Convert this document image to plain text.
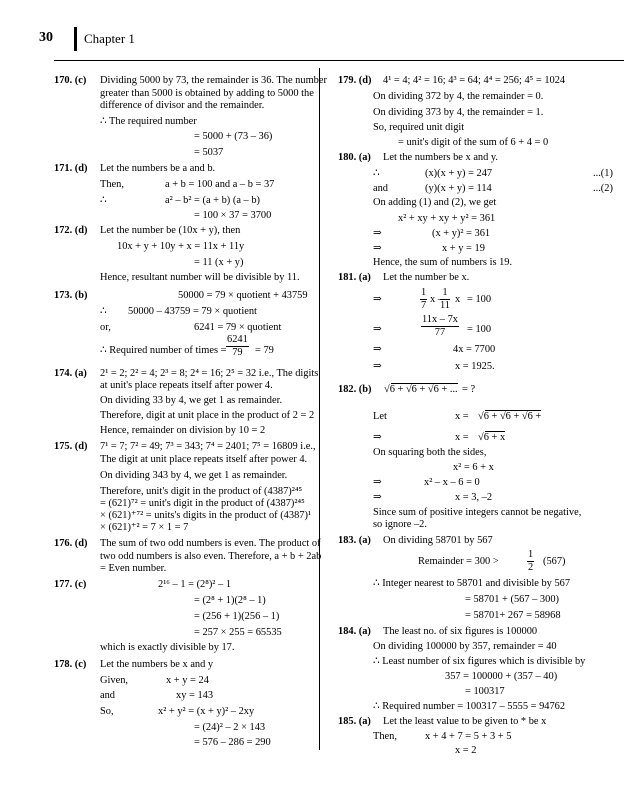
30 Chapter 1
170. (c) Dividing 5000 by 73, the remainder is 36. The number
greater than 5000 is obtained by adding to 5000 the
difference of divisor and the remainder.
∴ The required number
= 5000 + (73 – 36)
= 5037
171. (d) Let the numbers be a and b.
Then,	a + b = 100 and a – b = 37
∴	a² – b² = (a + b) (a – b)
= 100 × 37 = 3700
172. (d) Let the number be (10x + y), then
10x + y + 10y + x = 11x + 11y
= 11 (x + y)
Hence, resultant number will be divisible by 11.
173. (b)	50000 = 79 × quotient + 43759
∴ 50000 – 43759 = 79 × quotient
or,	6241 = 79 × quotient
∴ Required number of times =	= 79
174. (a) 2¹ = 2; 2² = 4; 2³ = 8; 2⁴ = 16; 2⁵ = 32 i.e., The digits
at unit's place repeats itself after power 4.
On dividing 33 by 4, we get 1 as remainder.
Therefore, digit at unit place in the product of 2 = 2
Hence, remainder on division by 10 = 2
175. (d) 7¹ = 7; 7² = 49; 7³ = 343; 7⁴ = 2401; 7⁵ = 16809 i.e.,
The digit at unit place repeats itself after power 4.
On dividing 343 by 4, we get 1 as remainder.
Therefore, unit's digit in the product of (4387)²⁴⁵
= (621)⁷² = unit's digit in the product of (4387)²⁴⁵
× (621)⁺⁷² = units's digits in the product of (4387)¹
× (621)⁺² = 7 × 1 = 7
176. (d) The sum of two odd numbers is even. The product of
two odd numbers is also even. Therefore, a + b + 2ab
= Even number.
177. (c)	2¹⁶ – 1 = (2⁸)² – 1
= (2⁸ + 1)(2⁸ – 1)
= (256 + 1)(256 – 1)
= 257 × 255 = 65535
which is exactly divisible by 17.
178. (c) Let the numbers be x and y
Given,	x + y = 24
and	xy = 143
So,	x² + y² = (x + y)² – 2xy
= (24)² – 2 × 143
= 576 – 286 = 290
179. (d) 4¹ = 4; 4² = 16; 4³ = 64; 4⁴ = 256; 4⁵ = 1024
On dividing 372 by 4, the remainder = 0.
On dividing 373 by 4, the remainder = 1.
So, required unit digit
= unit's digit of the sum of 6 + 4 = 0
180. (a) Let the numbers be x and y.
∴	(x)(x + y) = 247	...(1)
and	(y)(x + y) = 114	...(2)
On adding (1) and (2), we get
x² + xy + xy + y² = 361
⇒	(x + y)² = 361
⇒	x + y = 19
Hence, the sum of numbers is 19.
181. (a) Let the number be x.
⇒	= 100
⇒	= 100
⇒	4x = 7700
⇒	x = 1925.
182. (b)	= ?
Let	x =
⇒	x =
On squaring both the sides,
x² = 6 + x
⇒	x² – x – 6 = 0
⇒	x = 3, –2
Since sum of positive integers cannot be negative,
so ignore –2.
183. (a) On dividing 58701 by 567
Remainder = 300 >	(567)
∴ Integer nearest to 58701 and divisible by 567
= 58701 + (567 – 300)
= 58701+ 267 = 58968
184. (a) The least no. of six figures is 100000
On dividing 100000 by 357, remainder = 40
∴ Least number of six figures which is divisible by
357 = 100000 + (357 – 40)
= 100317
∴ Required number = 100317 – 5555 = 94762
185. (a) Let the least value to be given to * be x
Then,	x + 4 + 7 = 5 + 3 + 5
x = 2
x – x
$\frac{6241}{79}$
$\frac{1}{7} \frac{1}{11}$
$\frac{11x - 7x}{77}$
$\frac{1}{2}$
√6 + √6 + √6 + ...
√6 + √6 + √6 +
√6 + x
